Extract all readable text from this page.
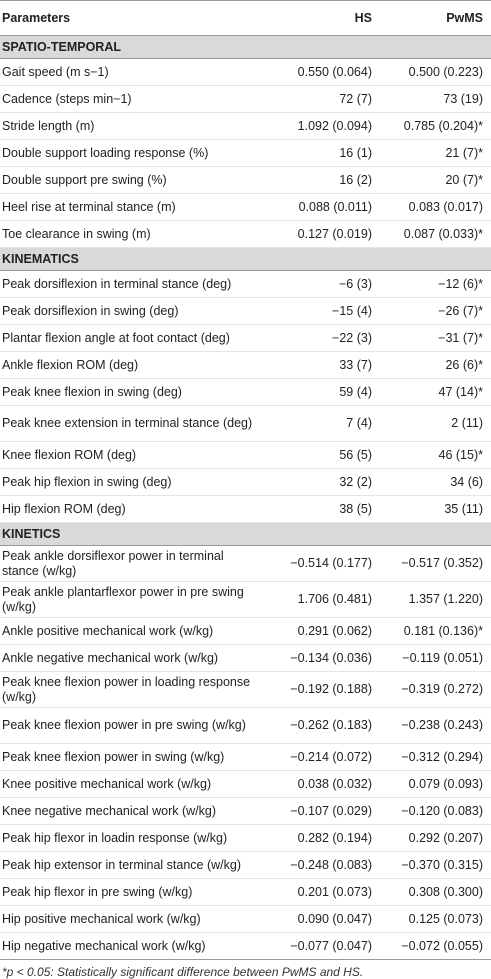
Parameters	HS	PwMS
SPATIO-TEMPORAL		
Gait speed (m s−1)	0.550 (0.064)	0.500 (0.223)
Cadence (steps min−1)	72 (7)	73 (19)
Stride length (m)	1.092 (0.094)	0.785 (0.204)*
Double support loading response (%)	16 (1)	21 (7)*
Double support pre swing (%)	16 (2)	20 (7)*
Heel rise at terminal stance (m)	0.088 (0.011)	0.083 (0.017)
Toe clearance in swing (m)	0.127 (0.019)	0.087 (0.033)*
KINEMATICS		
Peak dorsiflexion in terminal stance (deg)	−6 (3)	−12 (6)*
Peak dorsiflexion in swing (deg)	−15 (4)	−26 (7)*
Plantar flexion angle at foot contact (deg)	−22 (3)	−31 (7)*
Ankle flexion ROM (deg)	33 (7)	26 (6)*
Peak knee flexion in swing (deg)	59 (4)	47 (14)*
Peak knee extension in terminal stance (deg)	7 (4)	2 (11)
Knee flexion ROM (deg)	56 (5)	46 (15)*
Peak hip flexion in swing (deg)	32 (2)	34 (6)
Hip flexion ROM (deg)	38 (5)	35 (11)
KINETICS		
Peak ankle dorsiflexor power in terminal stance (w/kg)	−0.514 (0.177)	−0.517 (0.352)
Peak ankle plantarflexor power in pre swing (w/kg)	1.706 (0.481)	1.357 (1.220)
Ankle positive mechanical work (w/kg)	0.291 (0.062)	0.181 (0.136)*
Ankle negative mechanical work (w/kg)	−0.134 (0.036)	−0.119 (0.051)
Peak knee flexion power in loading response (w/kg)	−0.192 (0.188)	−0.319 (0.272)
Peak knee flexion power in pre swing (w/kg)	−0.262 (0.183)	−0.238 (0.243)
Peak knee flexion power in swing (w/kg)	−0.214 (0.072)	−0.312 (0.294)
Knee positive mechanical work (w/kg)	0.038 (0.032)	0.079 (0.093)
Knee negative mechanical work (w/kg)	−0.107 (0.029)	−0.120 (0.083)
Peak hip flexor in loadin response (w/kg)	0.282 (0.194)	0.292 (0.207)
Peak hip extensor in terminal stance (w/kg)	−0.248 (0.083)	−0.370 (0.315)
Peak hip flexor in pre swing (w/kg)	0.201 (0.073)	0.308 (0.300)
Hip positive mechanical work (w/kg)	0.090 (0.047)	0.125 (0.073)
Hip negative mechanical work (w/kg)	−0.077 (0.047)	−0.072 (0.055)
*p < 0.05: Statistically significant difference between PwMS and HS.
